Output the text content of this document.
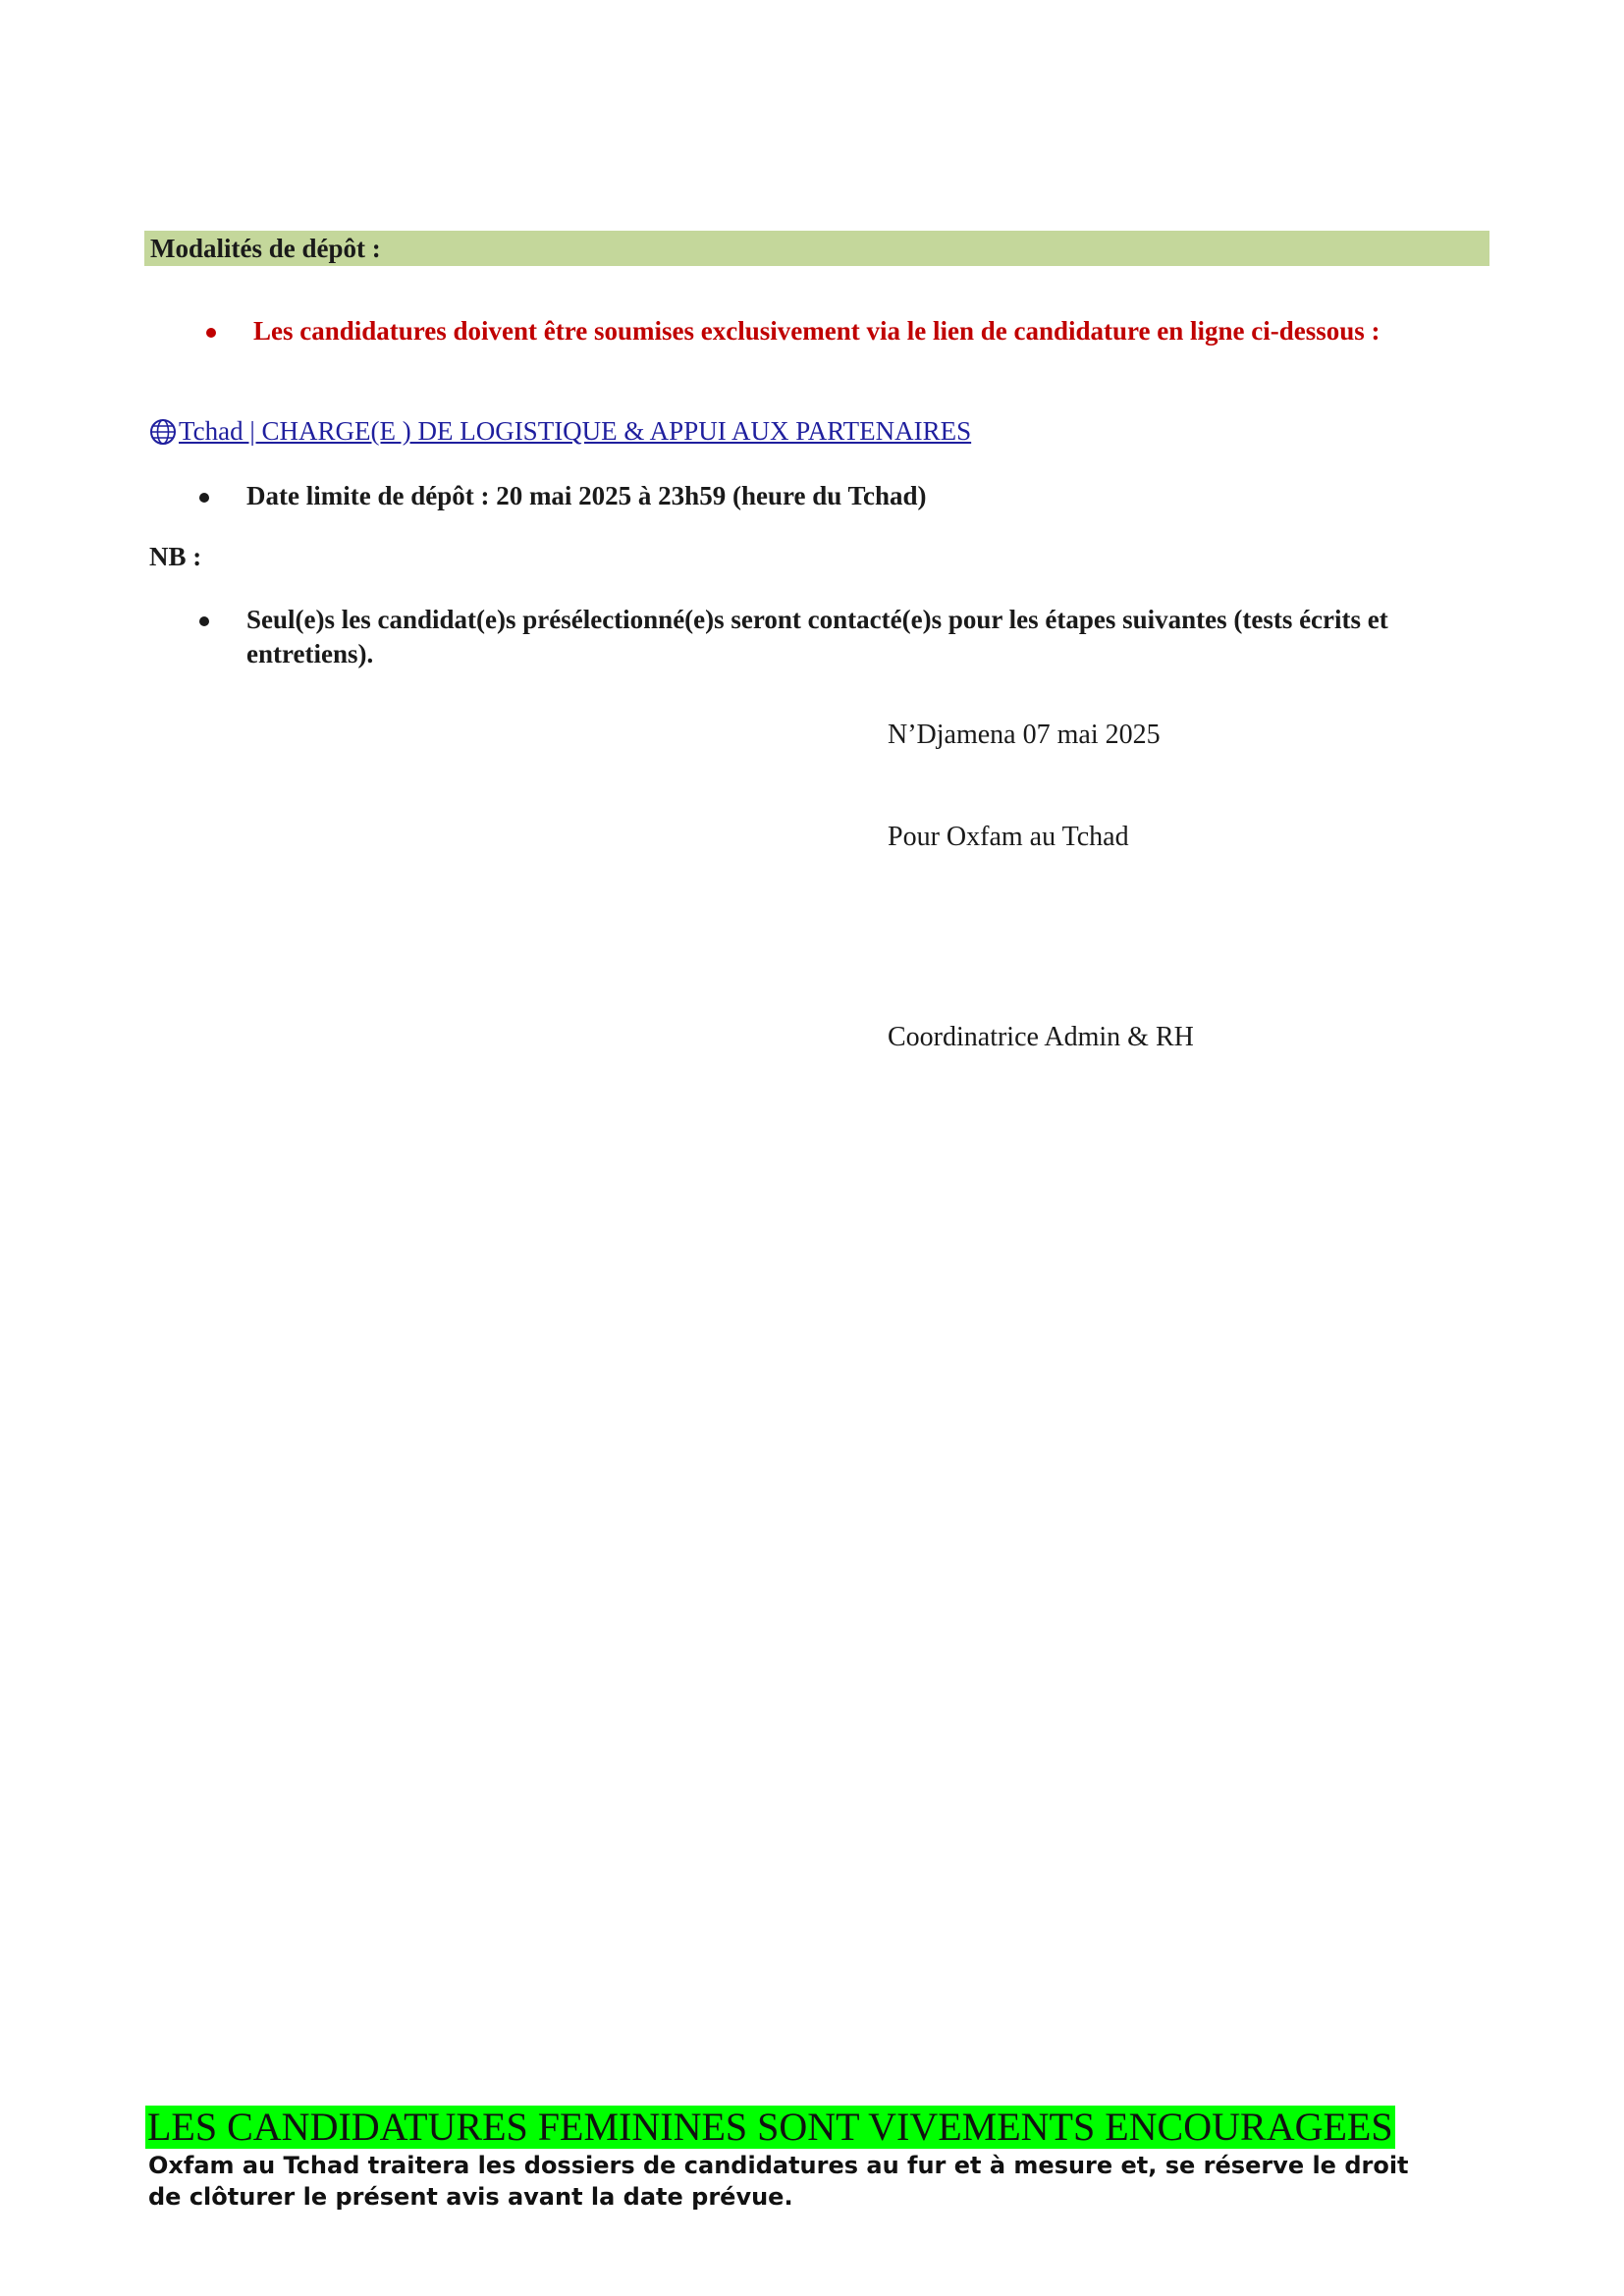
Modalités de dépôt :
Les candidatures doivent être soumises exclusivement via le lien de candidature en ligne ci-dessous :
Tchad | CHARGE(E ) DE LOGISTIQUE & APPUI AUX PARTENAIRES
Date limite de dépôt : 20 mai 2025 à 23h59 (heure du Tchad)
NB :
Seul(e)s les candidat(e)s présélectionné(e)s seront contacté(e)s pour les étapes suivantes (tests écrits et entretiens).
N’Djamena 07 mai 2025
Pour Oxfam au Tchad
Coordinatrice Admin & RH
LES CANDIDATURES FEMININES SONT VIVEMENTS ENCOURAGEES
Oxfam au Tchad traitera les dossiers de candidatures au fur et à mesure et, se réserve le droit de clôturer le présent avis avant la date prévue.
